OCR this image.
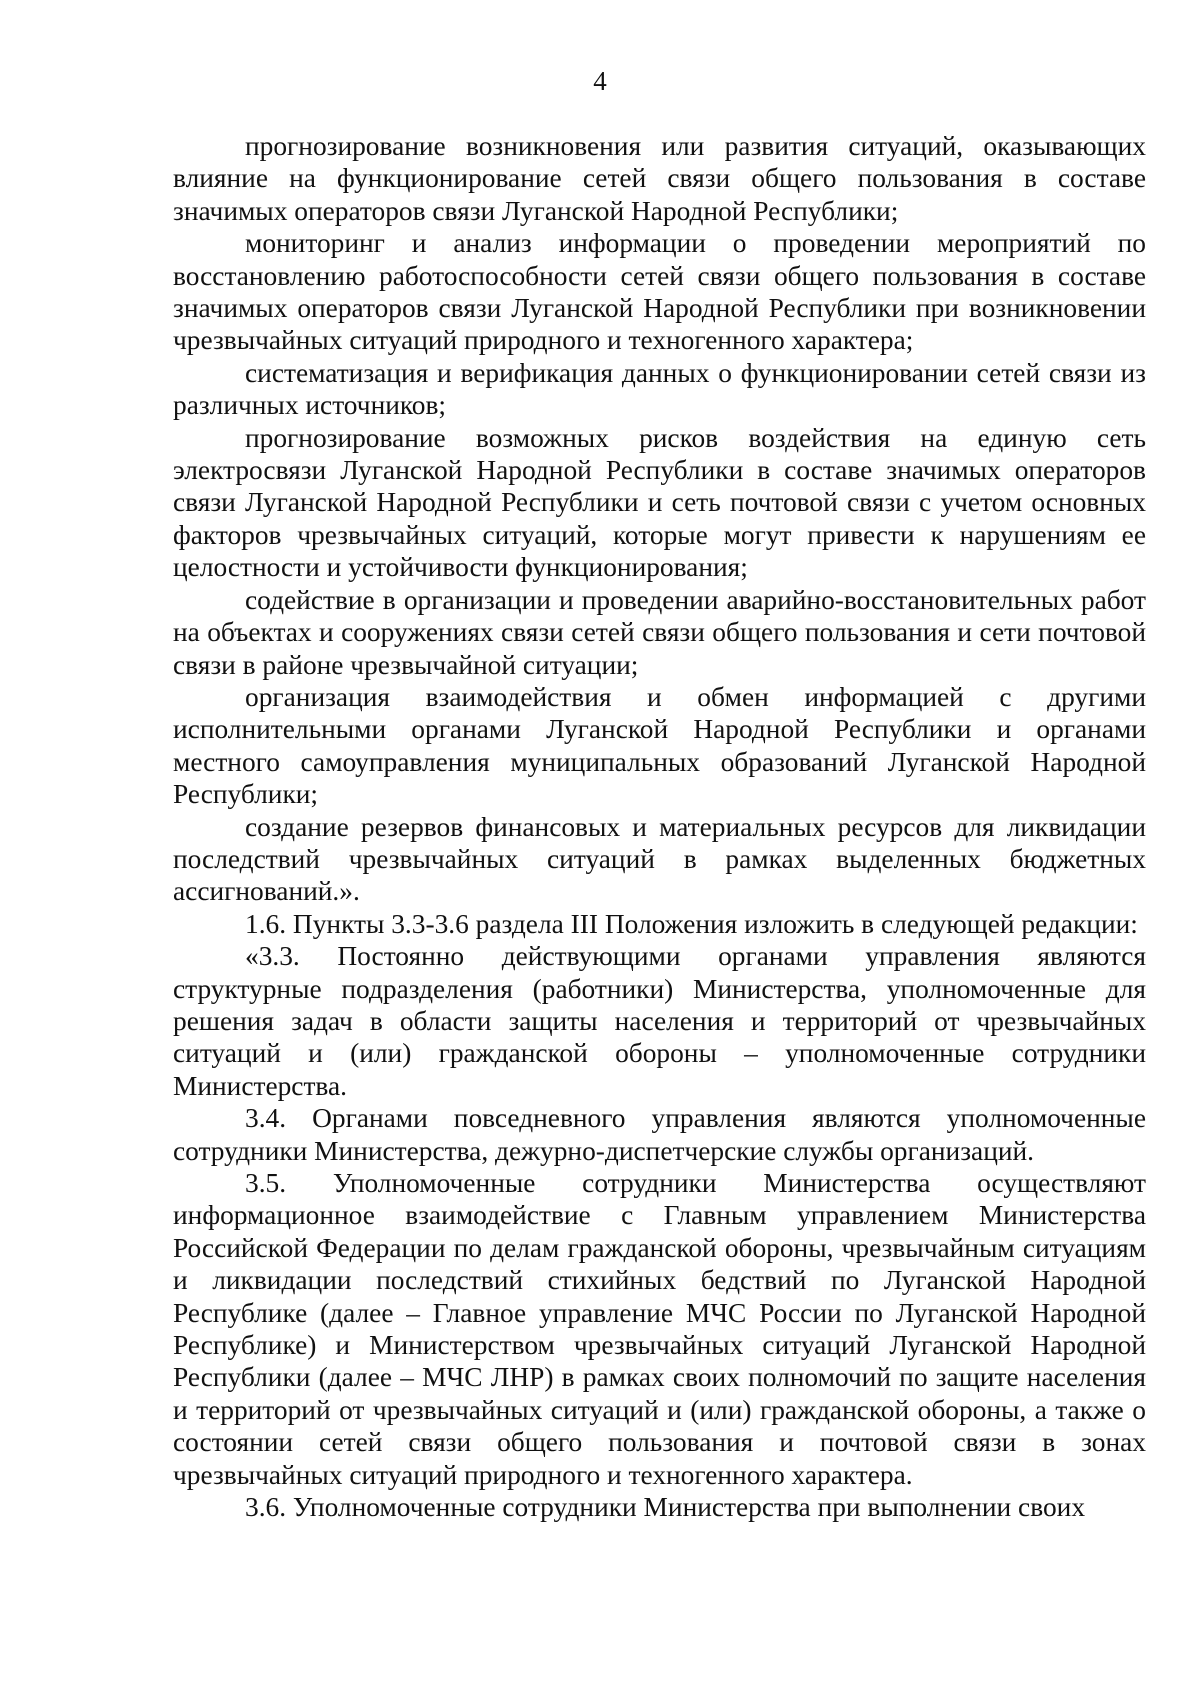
4

прогнозирование возникновения или развития ситуаций, оказывающих влияние на функционирование сетей связи общего пользования в составе значимых операторов связи Луганской Народной Республики;

мониторинг и анализ информации о проведении мероприятий по восстановлению работоспособности сетей связи общего пользования в составе значимых операторов связи Луганской Народной Республики при возникновении чрезвычайных ситуаций природного и техногенного характера;

систематизация и верификация данных о функционировании сетей связи из различных источников;

прогнозирование возможных рисков воздействия на единую сеть электросвязи Луганской Народной Республики в составе значимых операторов связи Луганской Народной Республики и сеть почтовой связи с учетом основных факторов чрезвычайных ситуаций, которые могут привести к нарушениям ее целостности и устойчивости функционирования;

содействие в организации и проведении аварийно-восстановительных работ на объектах и сооружениях связи сетей связи общего пользования и сети почтовой связи в районе чрезвычайной ситуации;

организация взаимодействия и обмен информацией с другими исполнительными органами Луганской Народной Республики и органами местного самоуправления муниципальных образований Луганской Народной Республики;

создание резервов финансовых и материальных ресурсов для ликвидации последствий чрезвычайных ситуаций в рамках выделенных бюджетных ассигнований.».

1.6. Пункты 3.3-3.6 раздела III Положения изложить в следующей редакции:

«3.3. Постоянно действующими органами управления являются структурные подразделения (работники) Министерства, уполномоченные для решения задач в области защиты населения и территорий от чрезвычайных ситуаций и (или) гражданской обороны – уполномоченные сотрудники Министерства.

3.4. Органами повседневного управления являются уполномоченные сотрудники Министерства, дежурно-диспетчерские службы организаций.

3.5. Уполномоченные сотрудники Министерства осуществляют информационное взаимодействие с Главным управлением Министерства Российской Федерации по делам гражданской обороны, чрезвычайным ситуациям и ликвидации последствий стихийных бедствий по Луганской Народной Республике (далее – Главное управление МЧС России по Луганской Народной Республике) и Министерством чрезвычайных ситуаций Луганской Народной Республики (далее – МЧС ЛНР) в рамках своих полномочий по защите населения и территорий от чрезвычайных ситуаций и (или) гражданской обороны, а также о состоянии сетей связи общего пользования и почтовой связи в зонах чрезвычайных ситуаций природного и техногенного характера.

3.6. Уполномоченные сотрудники Министерства при выполнении своих
